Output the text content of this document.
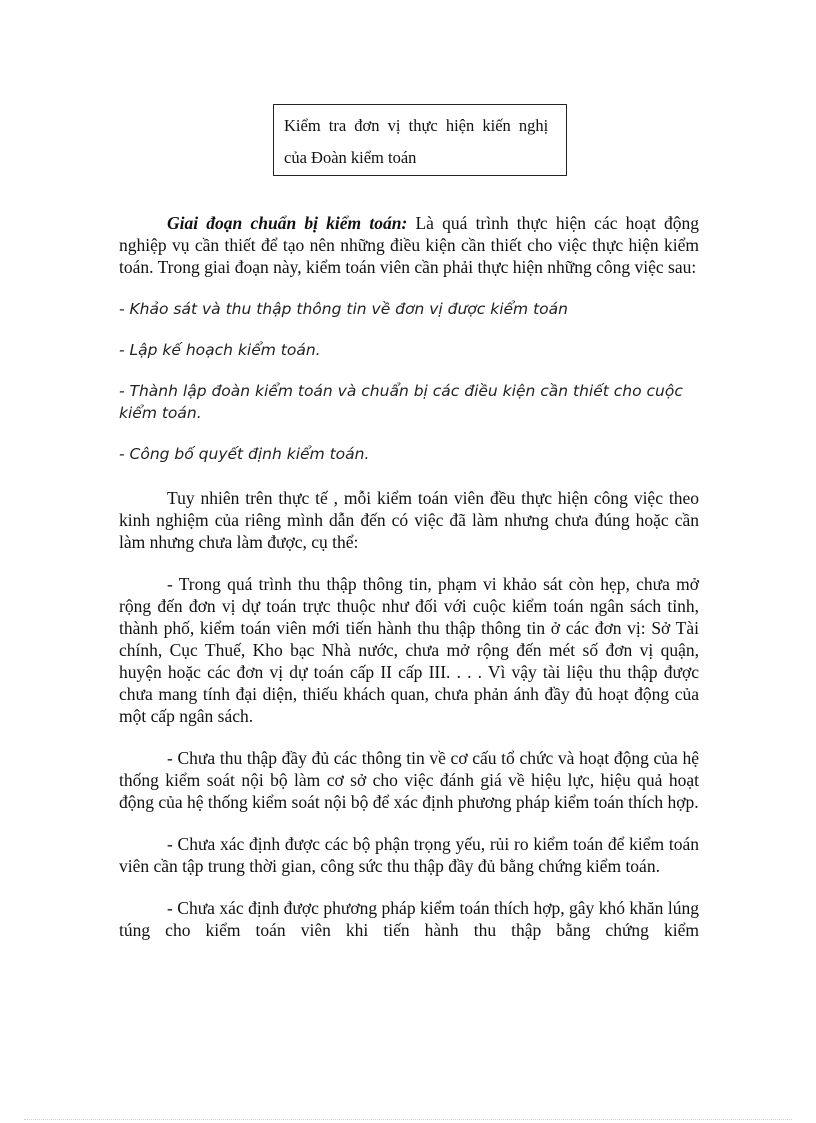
Kiểm tra đơn vị thực hiện kiến nghị
của Đoàn kiểm toán

Giai đoạn chuẩn bị kiểm toán: Là quá trình thực hiện các hoạt động nghiệp vụ cần thiết để tạo nên những điều kiện cần thiết cho việc thực hiện kiểm toán. Trong giai đoạn này, kiểm toán viên cần phải thực hiện những công việc sau:

- Khảo sát và thu thập thông tin về đơn vị được kiểm toán

- Lập kế hoạch kiểm toán.

- Thành lập đoàn kiểm toán và chuẩn bị các điều kiện cần thiết cho cuộc kiểm toán.

- Công bố quyết định kiểm toán.

Tuy nhiên trên thực tế , mỗi kiểm toán viên đều thực hiện công việc theo kinh nghiệm của riêng mình dẫn đến có việc đã làm nhưng chưa đúng hoặc cần làm nhưng chưa làm được, cụ thể:

- Trong quá trình thu thập thông tin, phạm vi khảo sát còn hẹp, chưa mở rộng đến đơn vị dự toán trực thuộc như đối với cuộc kiểm toán ngân sách tỉnh, thành phố, kiểm toán viên mới tiến hành thu thập thông tin ở các đơn vị: Sở Tài chính, Cục Thuế, Kho bạc Nhà nước, chưa mở rộng đến mét số đơn vị quận, huyện hoặc các đơn vị dự toán cấp II cấp III. . . . Vì vậy tài liệu thu thập được chưa mang tính đại diện, thiếu khách quan, chưa phản ánh đầy đủ hoạt động của một cấp ngân sách.

- Chưa thu thập đầy đủ các thông tin về cơ cấu tổ chức và hoạt động của hệ thống kiểm soát nội bộ làm cơ sở cho việc đánh giá về hiệu lực, hiệu quả hoạt động của hệ thống kiểm soát nội bộ để xác định phương pháp kiểm toán thích hợp.

- Chưa xác định được các bộ phận trọng yếu, rủi ro kiểm toán để kiểm toán viên cần tập trung thời gian, công sức thu thập đầy đủ bằng chứng kiểm toán.

- Chưa xác định được phương pháp kiểm toán thích hợp, gây khó khăn lúng túng cho kiểm toán viên khi tiến hành thu thập bằng chứng kiểm
